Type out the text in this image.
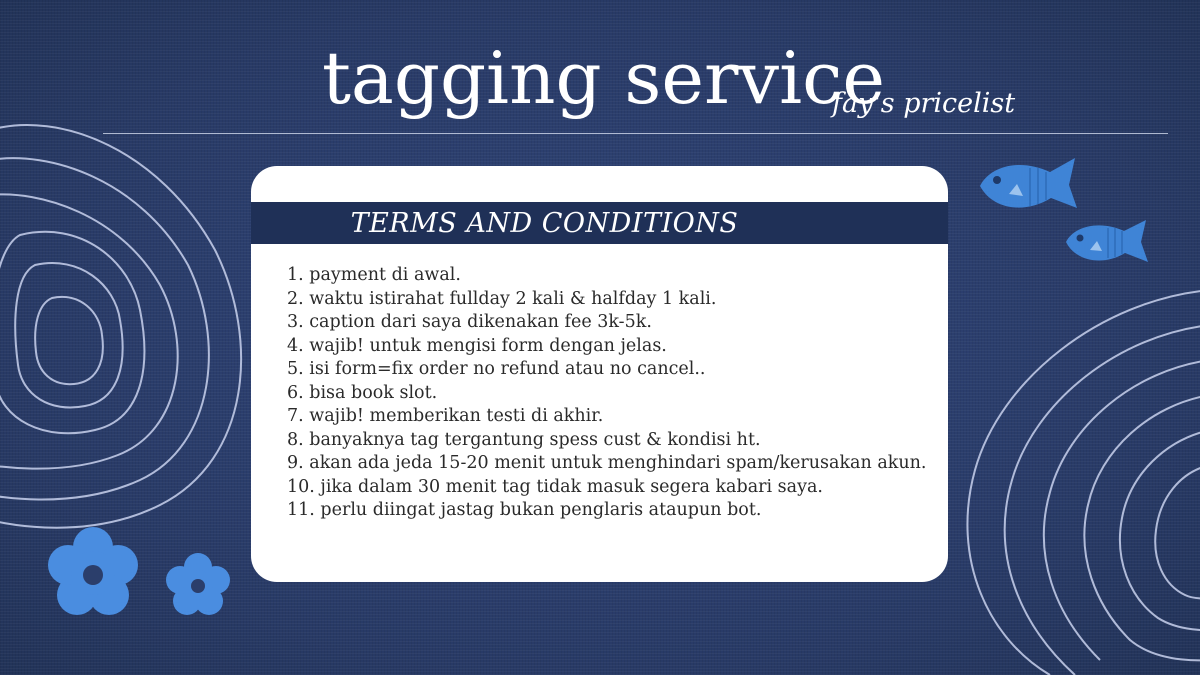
tagging service
fay's pricelist
TERMS AND CONDITIONS
1. payment di awal.
2. waktu istirahat fullday 2 kali & halfday 1 kali.
3. caption dari saya dikenakan fee 3k-5k.
4. wajib! untuk mengisi form dengan jelas.
5. isi form=fix order no refund atau no cancel..
6. bisa book slot.
7. wajib! memberikan testi di akhir.
8. banyaknya tag tergantung spess cust & kondisi ht.
9. akan ada jeda 15-20 menit untuk menghindari spam/kerusakan akun.
10. jika dalam 30 menit tag tidak masuk segera kabari saya.
11. perlu diingat jastag bukan penglaris ataupun bot.
